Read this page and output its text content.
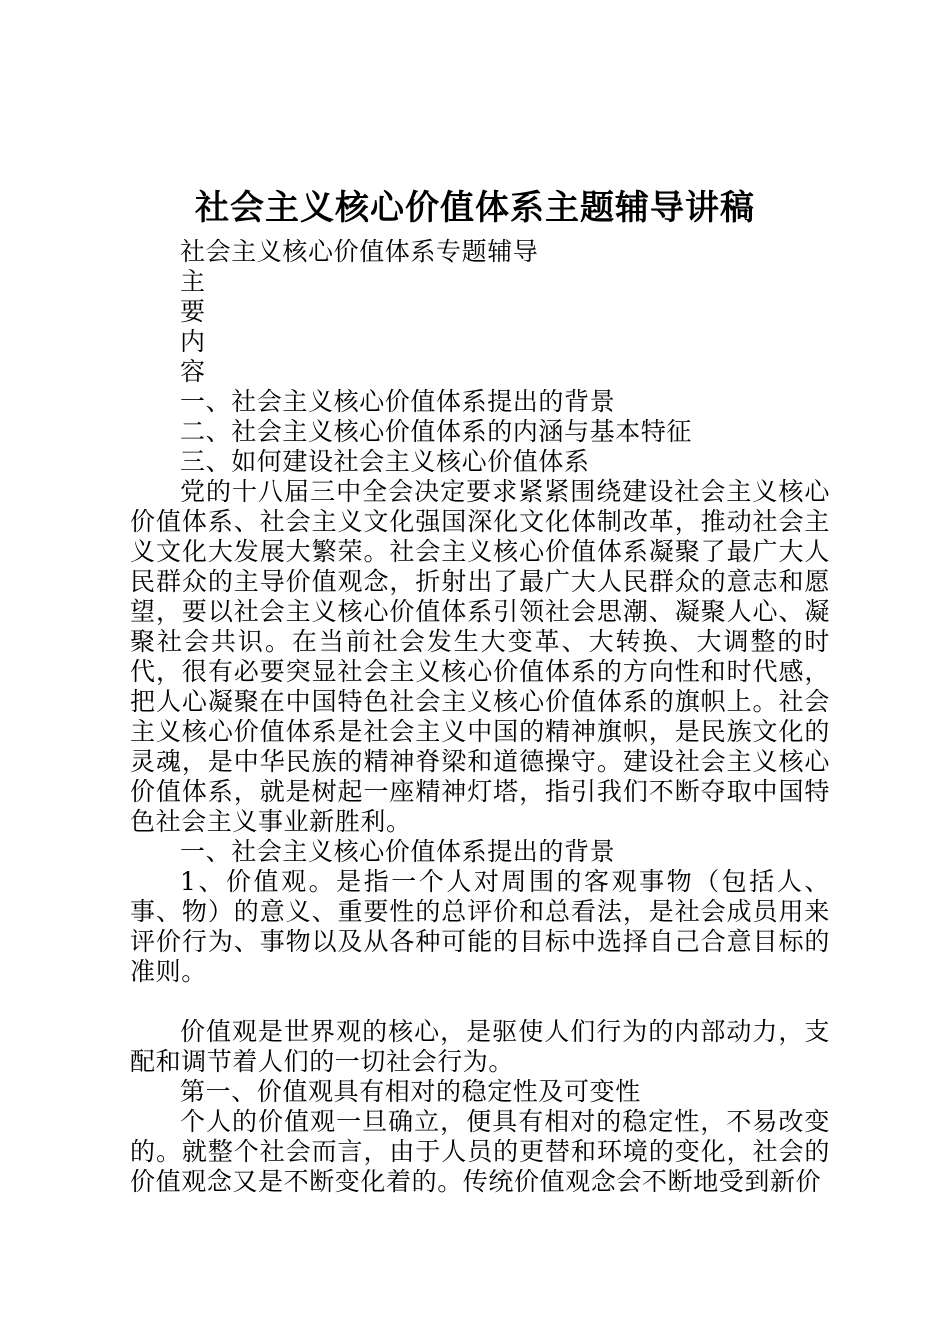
社会主义核心价值体系主题辅导讲稿
社会主义核心价值体系专题辅导
主
要
内
容
一、社会主义核心价值体系提出的背景
二、社会主义核心价值体系的内涵与基本特征
三、如何建设社会主义核心价值体系

党的十八届三中全会决定要求紧紧围绕建设社会主义核心价值体系、社会主义文化强国深化文化体制改革，推动社会主义文化大发展大繁荣。社会主义核心价值体系凝聚了最广大人民群众的主导价值观念，折射出了最广大人民群众的意志和愿望，要以社会主义核心价值体系引领社会思潮、凝聚人心、凝聚社会共识。在当前社会发生大变革、大转换、大调整的时代，很有必要突显社会主义核心价值体系的方向性和时代感，把人心凝聚在中国特色社会主义核心价值体系的旗帜上。社会主义核心价值体系是社会主义中国的精神旗帜，是民族文化的灵魂，是中华民族的精神脊梁和道德操守。建设社会主义核心价值体系，就是树起一座精神灯塔，指引我们不断夺取中国特色社会主义事业新胜利。

一、社会主义核心价值体系提出的背景

1、价值观。是指一个人对周围的客观事物（包括人、事、物）的意义、重要性的总评价和总看法，是社会成员用来评价行为、事物以及从各种可能的目标中选择自己合意目标的准则。

价值观是世界观的核心，是驱使人们行为的内部动力，支配和调节着人们的一切社会行为。

第一、价值观具有相对的稳定性及可变性

个人的价值观一旦确立，便具有相对的稳定性，不易改变的。就整个社会而言，由于人员的更替和环境的变化，社会的价值观念又是不断变化着的。传统价值观念会不断地受到新价
